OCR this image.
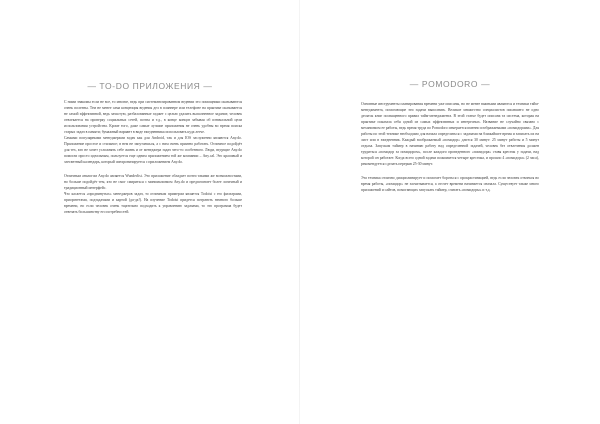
— TO-DO ПРИЛОЖЕНИЯ —

С ними знакомы если не все, то многие, ведь при систематизированном ведении это помощники оказываются очень полезны. Тем не менее сама концепция ведения дел в планнере или телефоне на практике оказывается не самой эффективной, ведь зачастую, разбалованные гаджет с целью удалить выполненное задание, человек отвлекается на проверку социальных сетей, почты и т.д., в конце концов забывая об изначальной цели использования устройства. Кроме того, даже самые лучшие приложения не очень удобны во время поиска старых задач в памяти; бумажный вариант в виде ежедневника использовать куда легче.
Самыми популярными менеджерами задач как для Android, так и для IOS заслуженно являются Any.do. Приложение простое и стильное; в нем не запутаешься, а с ним очень приятно работать. Отличное подойдёт для тех, кто не хочет усложнять себе жизнь и от менеджера задач чего-то особенного. Люди, ведущие Any.do помогли просто идеальным, пользуется еще одним приложением той же компании – Any.cal. Это красивый и элегантный календарь, который синхронизируется с приложением Any.do.

Отличным аналогом Any.do является Wunderlist. Это приложение обладает почти такими же возможностями, но больше подойдёт тем, кто не смог смириться с минимализмом Any.do и предпочитает более логичный и традиционный интерфейс.
Что касается «продвинутых» менеджеров задач, то отличным примером является Todoist с его фильтрами, приоритетами, подзадачами и картой (да-да!). На изучение Todoist придется потратить немного больше времени, но если человек очень тщательно подходить к управлению задачами, то это программа будет отвечать большинству его потребностей.

— POMODORO —

Основные инструменты планирования времени уже описаны, но не менее важными являются и техники тайм-менеджмента, помогающие эти задачи выполнять. Великое множество специалистов писавшего не одно десяток книг посвященного правил тайм-менеджмента. В этой статье будет описана та система, которая на практике показала себя одной из самых эффективных и интересных. Название не случайно связано с механизмом ее работы, ведь время труда по Pomodoro измеряется именно изображаемыми «помидорами». Для работы по этой технике необходимо для начала определиться с задачами на ближайшее время и записать их на лист или в ежедневник. Каждый воображаемый «помидор» длится 30 минут: 25 минут работы и 5 минут отдыха. Запускам таймер в начинаю работу над определенной задачей, человек без отвлечения должен трудиться «помидор за помидором», после каждого проведенного «помидора» ставя крестик у задачи, над которой он работает. Когда всего одной задачи пожимается четыре крестика, и прошло 4 «помидора» (2 часа), рекомендуется сделать перерыв 25-30 минут.

Эта техника отлично дисциплинирует и помогает бороться с прокрастинацией, ведь если человек отвлекся во время работы, «помидор» не засчитывается, а отсчет времени начинается сначала. Существует также много приложений и сайтов, помогающих запускать таймер, считать «помидоры» и т.д.
